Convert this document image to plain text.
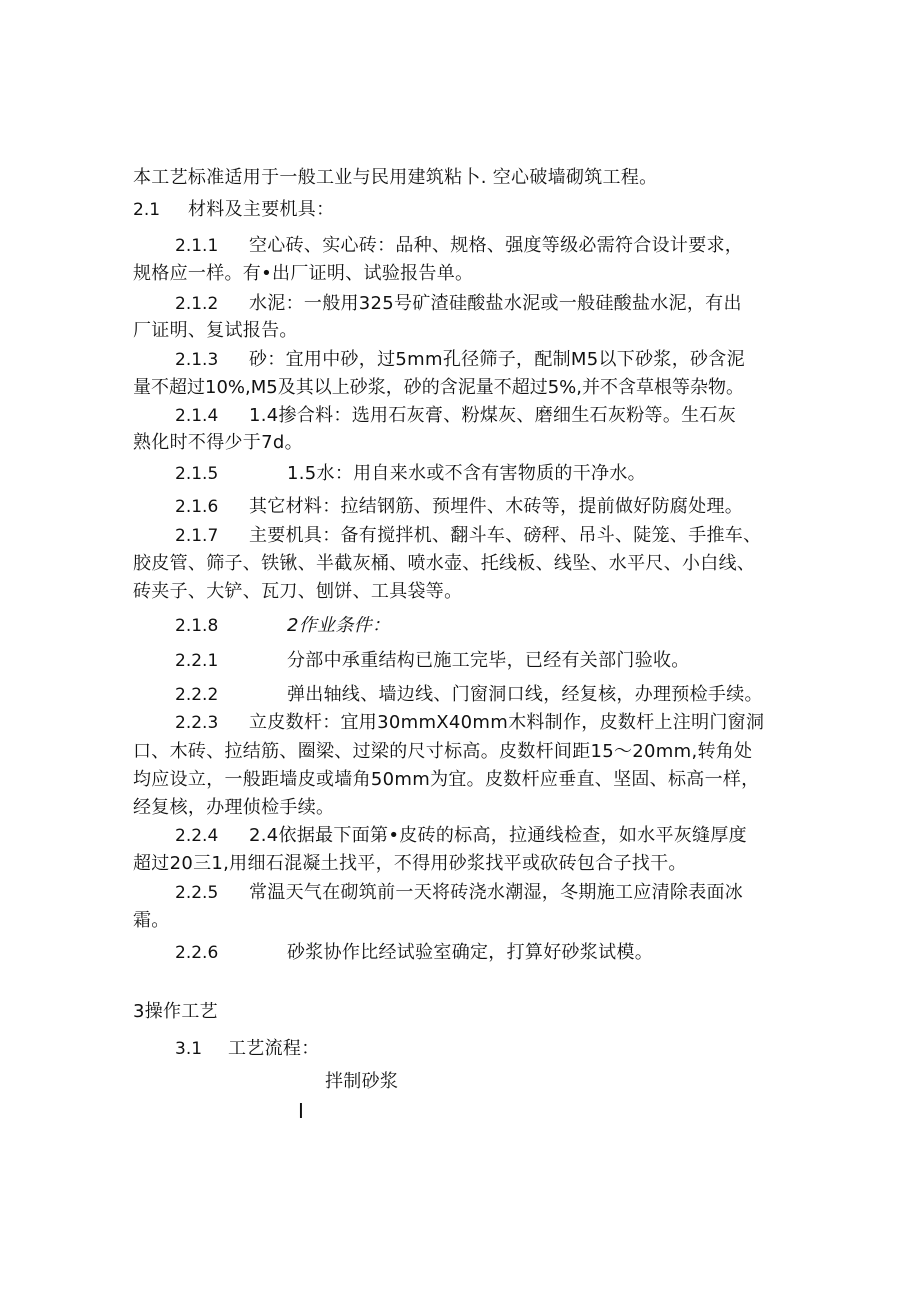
本工艺标准适用于一般工业与民用建筑粘卜. 空心破墙砌筑工程。
2.1 材料及主要机具：
2.1.1 空心砖、实心砖：品种、规格、强度等级必需符合设计要求，
规格应一样。有•出厂证明、试验报告单。
2.1.2 水泥：一般用325号矿渣硅酸盐水泥或一般硅酸盐水泥，有出
厂证明、复试报告。
2.1.3 砂：宜用中砂，过5mm孔径筛子，配制M5以下砂浆，砂含泥
量不超过10%,M5及其以上砂浆，砂的含泥量不超过5%,并不含草根等杂物。
2.1.4 1.4掺合料：选用石灰膏、粉煤灰、磨细生石灰粉等。生石灰
熟化时不得少于7d。
2.1.5	1.5水：用自来水或不含有害物质的干净水。
2.1.6 其它材料：拉结钢筋、预埋件、木砖等，提前做好防腐处理。
2.1.7 主要机具：备有搅拌机、翻斗车、磅秤、吊斗、陡笼、手推车、
胶皮管、筛子、铁锹、半截灰桶、喷水壶、托线板、线坠、水平尺、小白线、
砖夹子、大铲、瓦刀、刨饼、工具袋等。
2.1.8	2作业条件：
2.2.1	分部中承重结构已施工完毕，已经有关部门验收。
2.2.2	弹出轴线、墙边线、门窗洞口线，经复核，办理预检手续。
2.2.3 立皮数杆：宜用30mmX40mm木料制作，皮数杆上注明门窗洞
口、木砖、拉结筋、圈梁、过梁的尺寸标高。皮数杆间距15～20mm,转角处
均应设立，一般距墙皮或墙角50mm为宜。皮数杆应垂直、坚固、标高一样，
经复核，办理侦检手续。
2.2.4 2.4依据最下面第•皮砖的标高，拉通线检查，如水平灰缝厚度
超过20三1,用细石混凝土找平，不得用砂浆找平或砍砖包合子找干。
2.2.5 常温天气在砌筑前一天将砖浇水潮湿，冬期施工应清除表面冰
霜。
2.2.6	砂浆协作比经试验室确定，打算好砂浆试模。
3操作工艺
3.1 工艺流程：
拌制砂浆
I
